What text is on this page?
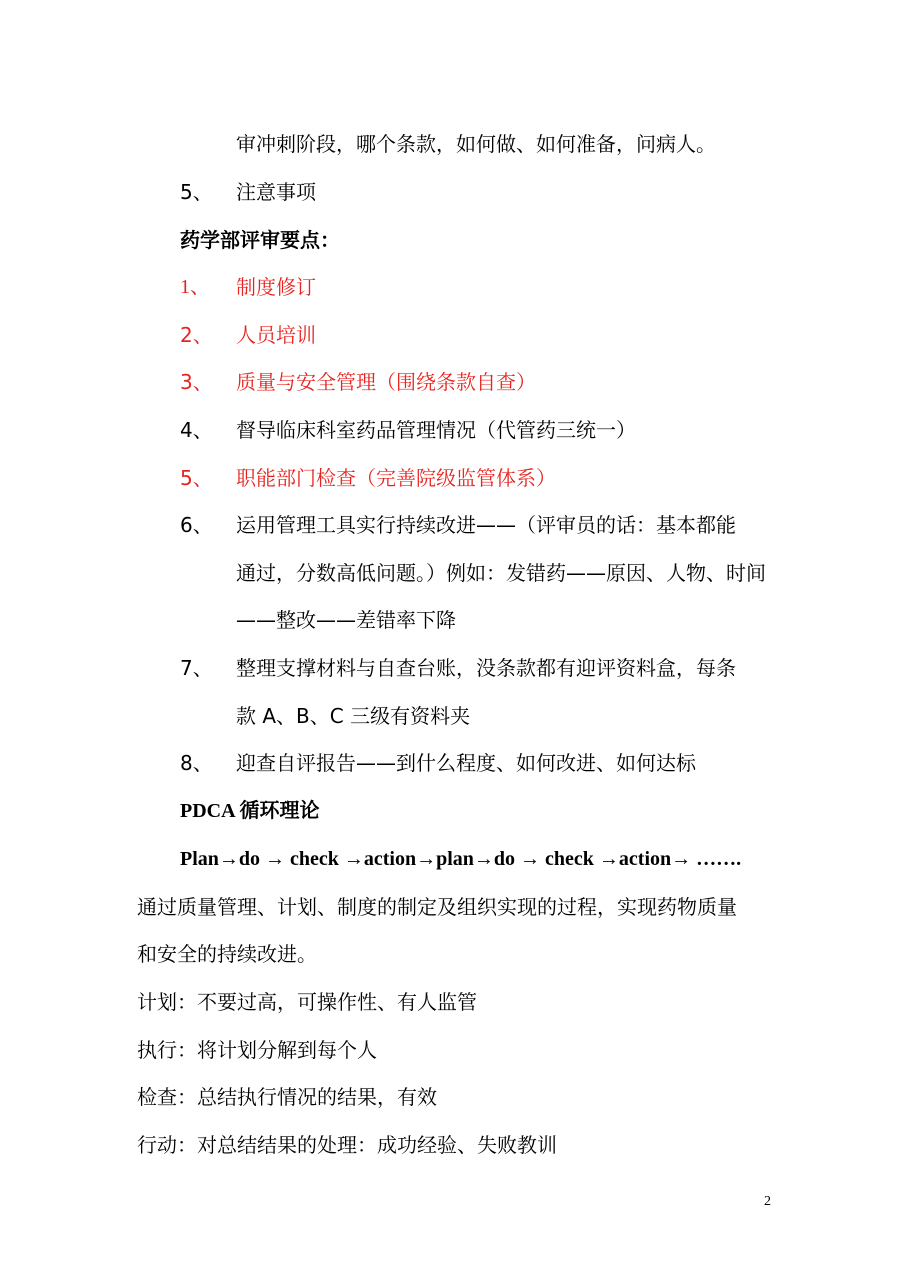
审冲刺阶段，哪个条款，如何做、如何准备，问病人。
5、 注意事项
药学部评审要点：
1、 制度修订
2、 人员培训
3、 质量与安全管理（围绕条款自查）
4、 督导临床科室药品管理情况（代管药三统一）
5、 职能部门检查（完善院级监管体系）
6、 运用管理工具实行持续改进——（评审员的话：基本都能
通过，分数高低问题。）例如：发错药——原因、人物、时间
——整改——差错率下降
7、 整理支撑材料与自查台账，没条款都有迎评资料盒，每条
款 A、B、C 三级有资料夹
8、 迎查自评报告——到什么程度、如何改进、如何达标
PDCA 循环理论
Plan→do → check →action→plan→do → check →action→ …….
通过质量管理、计划、制度的制定及组织实现的过程，实现药物质量
和安全的持续改进。
计划：不要过高，可操作性、有人监管
执行：将计划分解到每个人
检查：总结执行情况的结果，有效
行动：对总结结果的处理：成功经验、失败教训
2
